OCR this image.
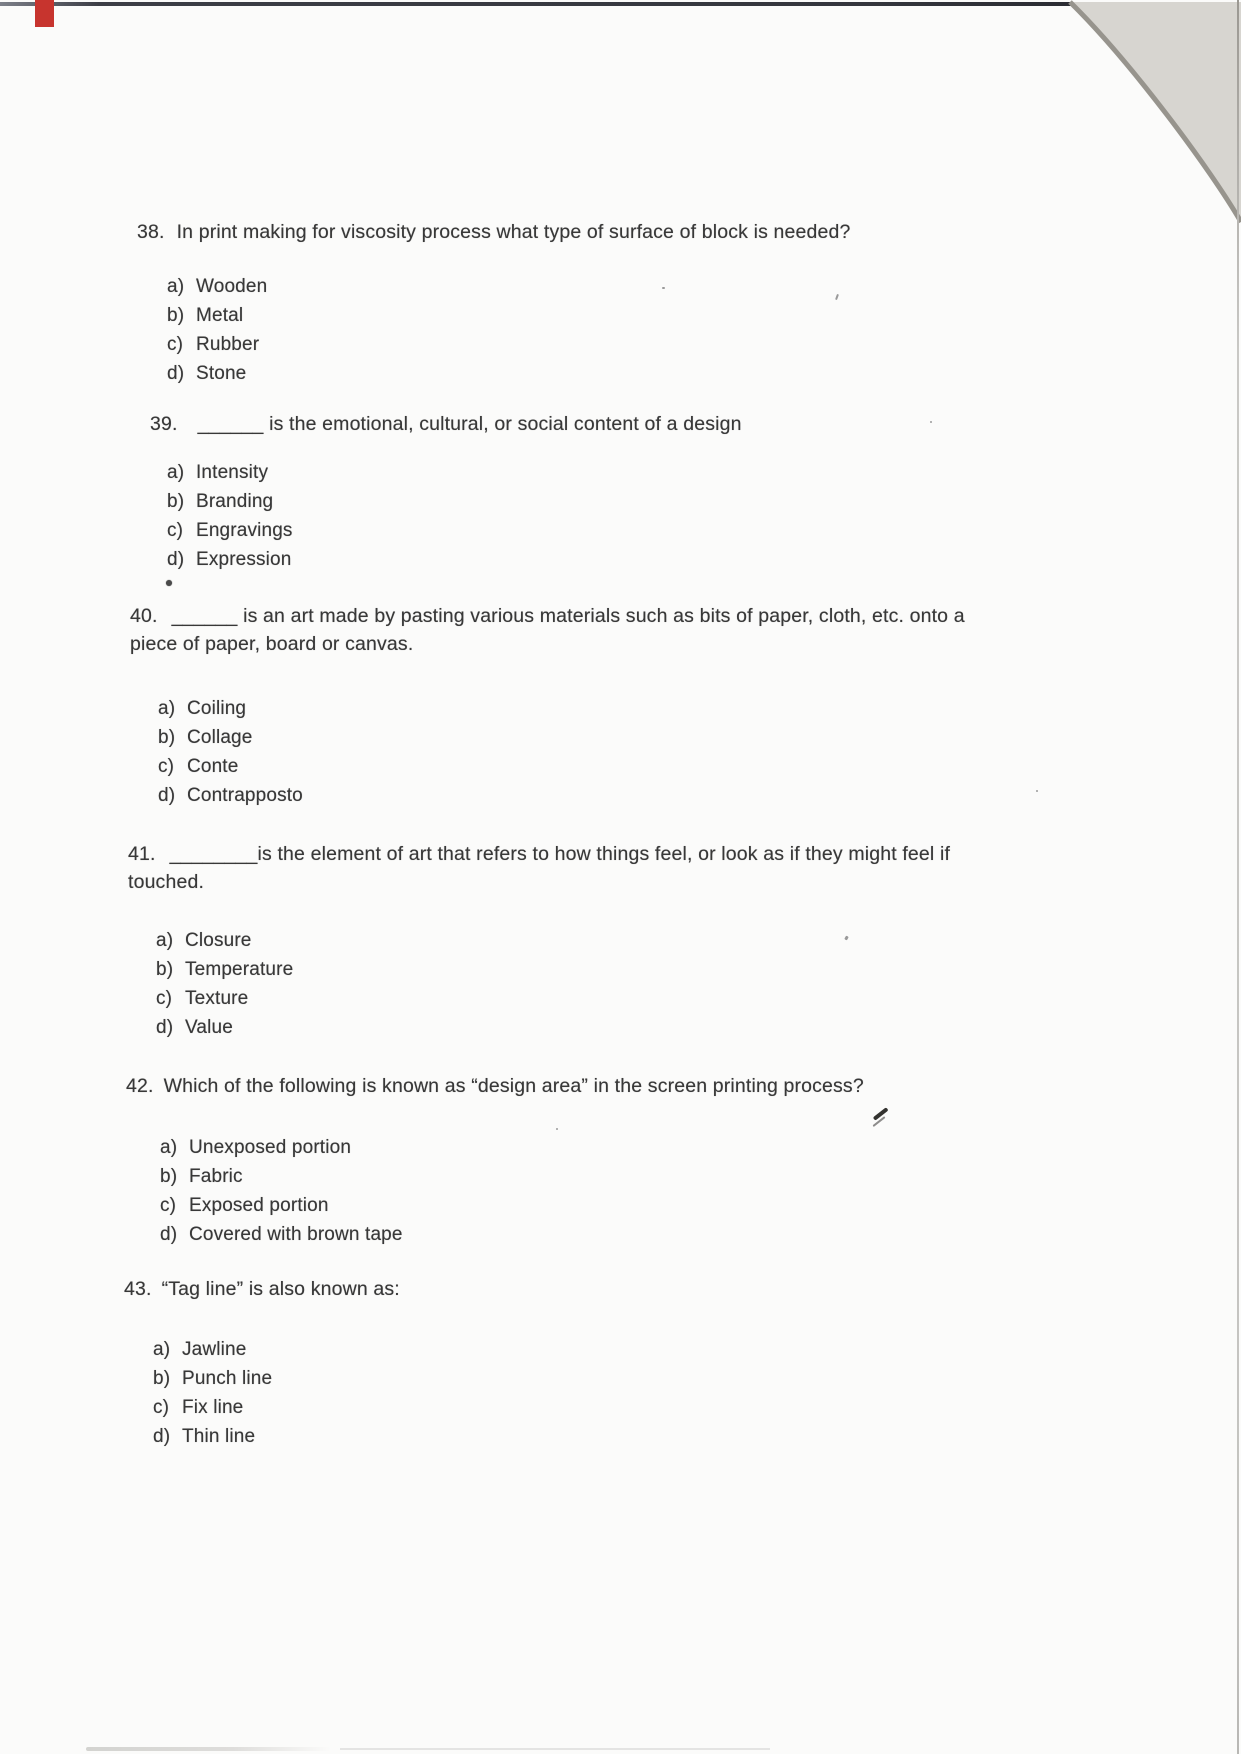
38. In print making for viscosity process what type of surface of block is needed?
a) Wooden
b) Metal
c) Rubber
d) Stone
39. ______ is the emotional, cultural, or social content of a design
a) Intensity
b) Branding
c) Engravings
d) Expression
40. ______ is an art made by pasting various materials such as bits of paper, cloth, etc. onto a
piece of paper, board or canvas.
a) Coiling
b) Collage
c) Conte
d) Contrapposto
41. ________is the element of art that refers to how things feel, or look as if they might feel if
touched.
a) Closure
b) Temperature
c) Texture
d) Value
42. Which of the following is known as “design area” in the screen printing process?
a) Unexposed portion
b) Fabric
c) Exposed portion
d) Covered with brown tape
43. “Tag line” is also known as:
a) Jawline
b) Punch line
c) Fix line
d) Thin line
